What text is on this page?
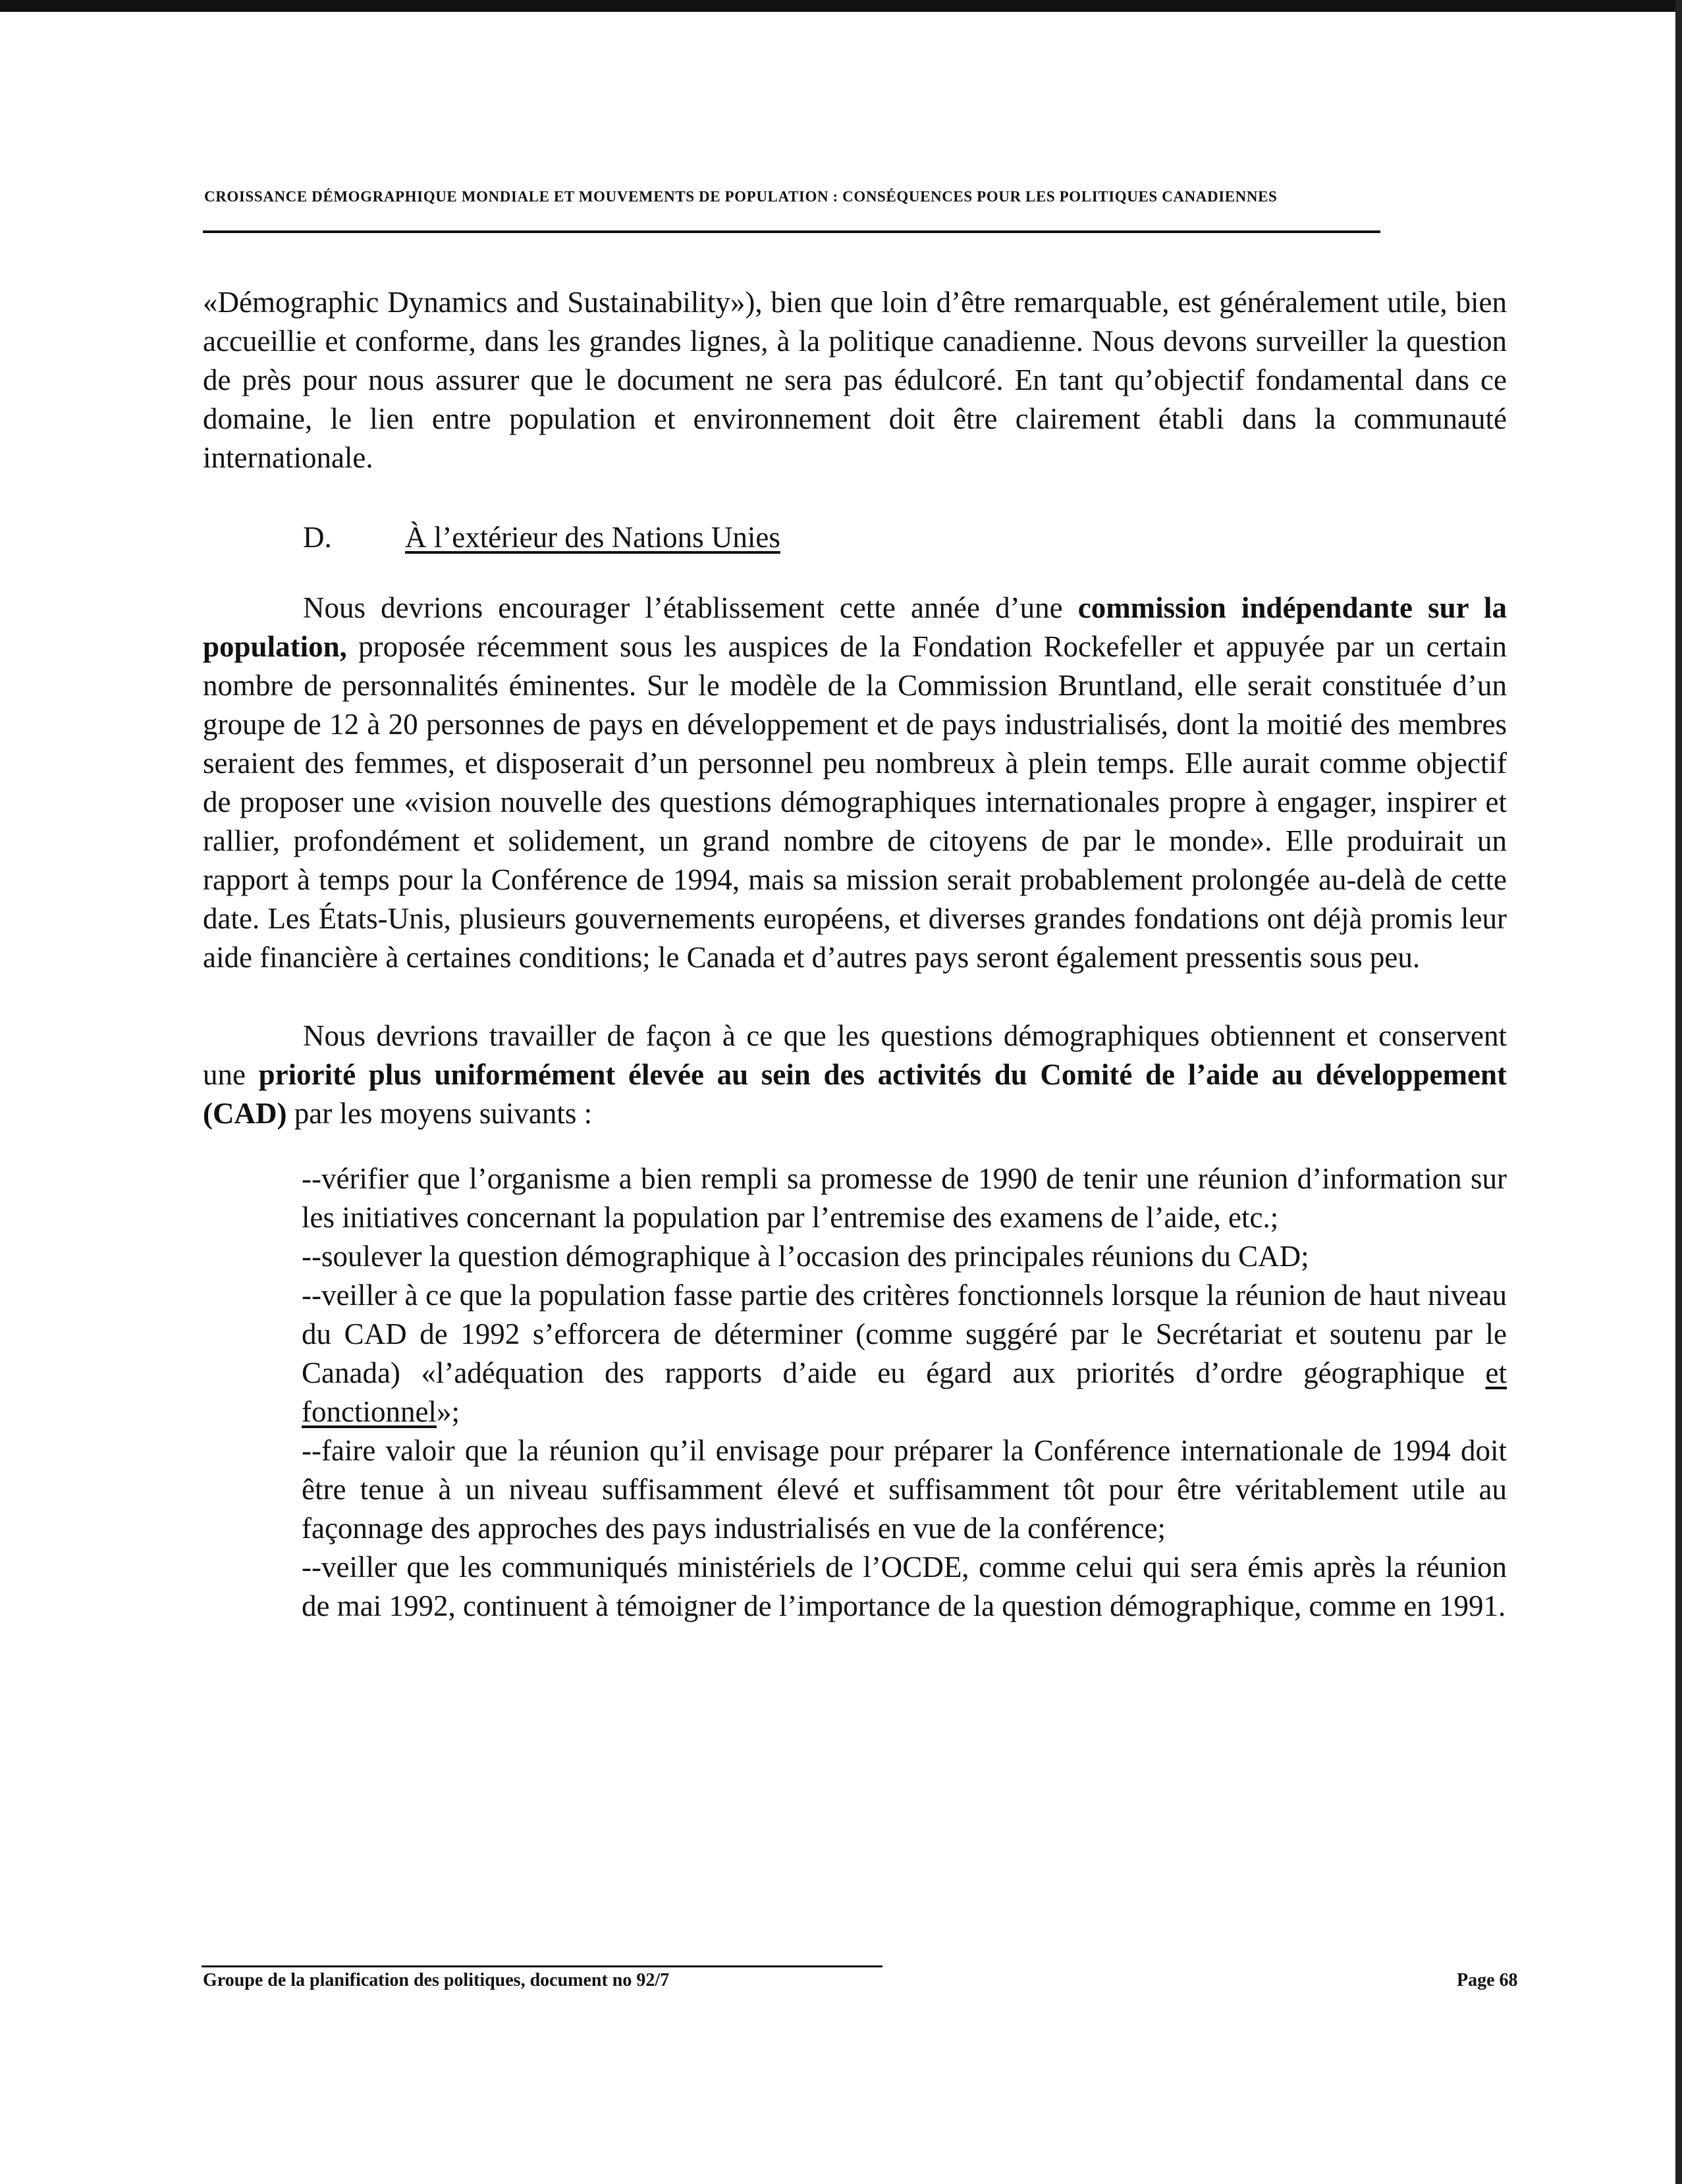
CROISSANCE DÉMOGRAPHIQUE MONDIALE ET MOUVEMENTS DE POPULATION : CONSÉQUENCES POUR LES POLITIQUES CANADIENNES

«Démographic Dynamics and Sustainability»), bien que loin d’être remarquable, est généralement utile, bien accueillie et conforme, dans les grandes lignes, à la politique canadienne. Nous devons surveiller la question de près pour nous assurer que le document ne sera pas édulcoré. En tant qu’objectif fondamental dans ce domaine, le lien entre population et environnement doit être clairement établi dans la communauté internationale.

D.	À l’extérieur des Nations Unies

Nous devrions encourager l’établissement cette année d’une commission indépendante sur la population, proposée récemment sous les auspices de la Fondation Rockefeller et appuyée par un certain nombre de personnalités éminentes. Sur le modèle de la Commission Bruntland, elle serait constituée d’un groupe de 12 à 20 personnes de pays en développement et de pays industrialisés, dont la moitié des membres seraient des femmes, et disposerait d’un personnel peu nombreux à plein temps. Elle aurait comme objectif de proposer une «vision nouvelle des questions démographiques internationales propre à engager, inspirer et rallier, profondément et solidement, un grand nombre de citoyens de par le monde». Elle produirait un rapport à temps pour la Conférence de 1994, mais sa mission serait probablement prolongée au-delà de cette date. Les États-Unis, plusieurs gouvernements européens, et diverses grandes fondations ont déjà promis leur aide financière à certaines conditions; le Canada et d’autres pays seront également pressentis sous peu.

Nous devrions travailler de façon à ce que les questions démographiques obtiennent et conservent une priorité plus uniformément élevée au sein des activités du Comité de l’aide au développement (CAD) par les moyens suivants :

--vérifier que l’organisme a bien rempli sa promesse de 1990 de tenir une réunion d’information sur les initiatives concernant la population par l’entremise des examens de l’aide, etc.;

--soulever la question démographique à l’occasion des principales réunions du CAD;

--veiller à ce que la population fasse partie des critères fonctionnels lorsque la réunion de haut niveau du CAD de 1992 s’efforcera de déterminer (comme suggéré par le Secrétariat et soutenu par le Canada) «l’adéquation des rapports d’aide eu égard aux priorités d’ordre géographique et fonctionnel»;

--faire valoir que la réunion qu’il envisage pour préparer la Conférence internationale de 1994 doit être tenue à un niveau suffisamment élevé et suffisamment tôt pour être véritablement utile au façonnage des approches des pays industrialisés en vue de la conférence;

--veiller que les communiqués ministériels de l’OCDE, comme celui qui sera émis après la réunion de mai 1992, continuent à témoigner de l’importance de la question démographique, comme en 1991.

Groupe de la planification des politiques, document no 92/7	Page 68
